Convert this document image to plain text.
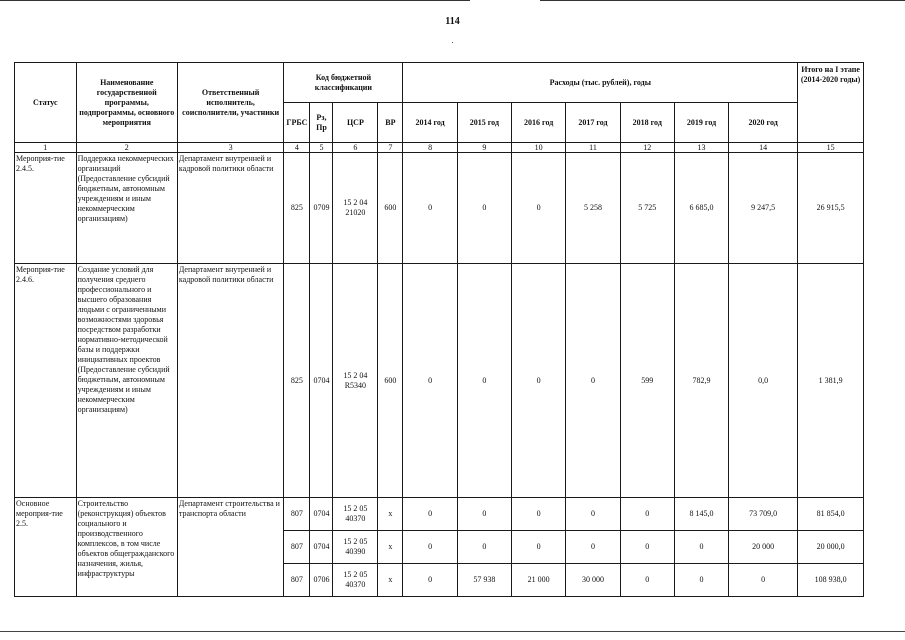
114
Статус	Наименование государственной программы, подпрограммы, основного мероприятия	Ответственный исполнитель, соисполнители, участники	Код бюджетной классификации				Расходы (тыс. рублей), годы							Итого на I этапе (2014-2020 годы)
			ГРБС	Рз, Пр	ЦСР	ВР	2014 год	2015 год	2016 год	2017 год	2018 год	2019 год	2020 год	
1	2	3	4	5	6	7	8	9	10	11	12	13	14	15
Мероприя-тие 2.4.5.	Поддержка некоммерческих организаций (Предоставление субсидий бюджетным, автономным учреждениям и иным некоммерческим организациям)	Департамент внутренней и кадровой политики области	825	0709	15 2 04 21020	600	0	0	0	5 258	5 725	6 685,0	9 247,5	26 915,5
Мероприя-тие 2.4.6.	Создание условий для получения среднего профессионального и высшего образования людьми с ограниченными возможностями здоровья посредством разработки нормативно-методической базы и поддержки инициативных проектов (Предоставление субсидий бюджетным, автономным учреждениям и иным некоммерческим организациям)	Департамент внутренней и кадровой политики области	825	0704	15 2 04 R5340	600	0	0	0	0	599	782,9	0,0	1 381,9
Основное мероприя-тие 2.5.	Строительство (реконструкция) объектов социального и производственного комплексов, в том числе объектов общегражданского назначения, жилья, инфраструктуры	Департамент строительства и транспорта области	807	0704	15 2 05 40370	х	0	0	0	0	0	8 145,0	73 709,0	81 854,0
			807	0704	15 2 05 40390	х	0	0	0	0	0	0	20 000	20 000,0
			807	0706	15 2 05 40370	х	0	57 938	21 000	30 000	0	0	0	108 938,0
